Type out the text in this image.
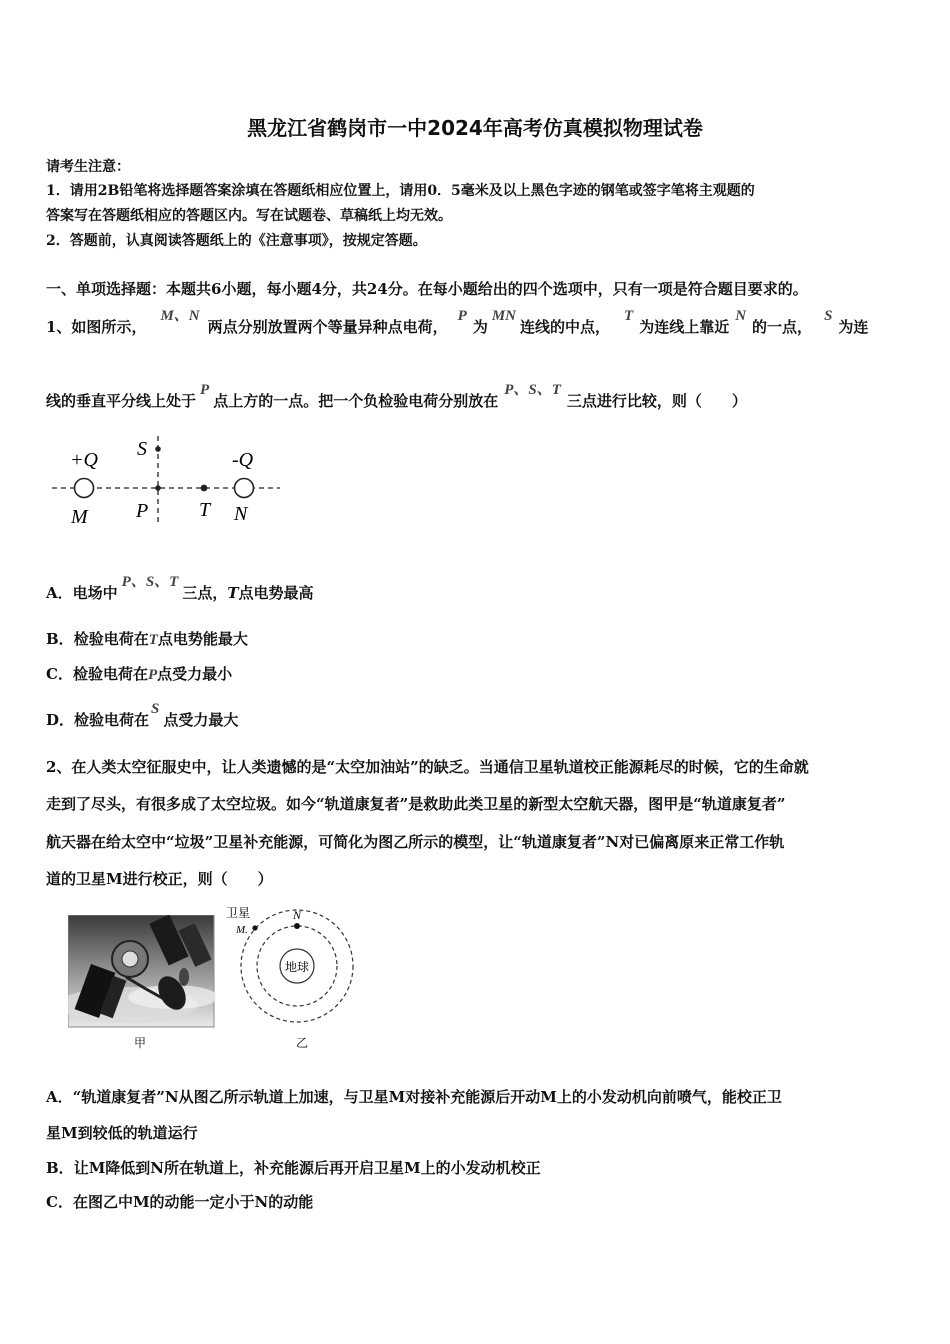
黑龙江省鹤岗市一中2024年高考仿真模拟物理试卷
请考生注意：
1．请用2B铅笔将选择题答案涂填在答题纸相应位置上，请用0．5毫米及以上黑色字迹的钢笔或签字笔将主观题的
答案写在答题纸相应的答题区内。写在试题卷、草稿纸上均无效。
2．答题前，认真阅读答题纸上的《注意事项》，按规定答题。
一、单项选择题：本题共6小题，每小题4分，共24分。在每小题给出的四个选项中，只有一项是符合题目要求的。
1、如图所示，M、N两点分别放置两个等量异种点电荷，P为MN连线的中点，T为连线上靠近N的一点，S为连
线的垂直平分线上处于P点上方的一点。把一个负检验电荷分别放在P、S、T三点进行比较，则（　　）
+Q	-Q
S
M P	T N
A．电场中P、S、T三点，T点电势最高
B．检验电荷在T点电势能最大
C．检验电荷在P点受力最小
D．检验电荷在S点受力最大
2、在人类太空征服史中，让人类遗憾的是“太空加油站”的缺乏。当通信卫星轨道校正能源耗尽的时候，它的生命就
走到了尽头，有很多成了太空垃圾。如今“轨道康复者”是救助此类卫星的新型太空航天器，图甲是“轨道康复者”
航天器在给太空中“垃圾”卫星补充能源，可简化为图乙所示的模型，让“轨道康复者”N对已偏离原来正常工作轨
道的卫星M进行校正，则（　　）
甲
卫星
M.
N
地球
乙
A．“轨道康复者”N从图乙所示轨道上加速，与卫星M对接补充能源后开动M上的小发动机向前喷气，能校正卫
星M到较低的轨道运行
B．让M降低到N所在轨道上，补充能源后再开启卫星M上的小发动机校正
C．在图乙中M的动能一定小于N的动能
